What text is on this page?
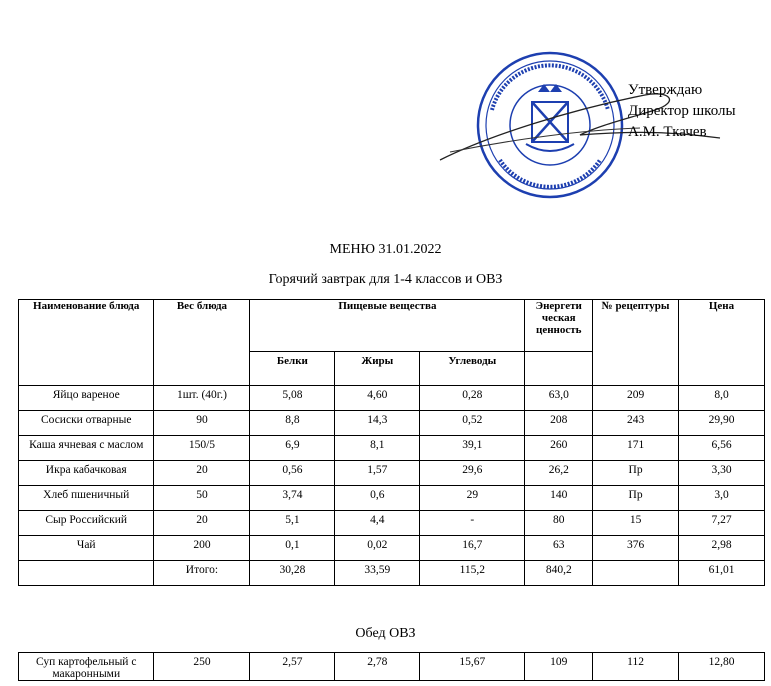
Утверждаю
Директор школы
А.М. Ткачев
МЕНЮ 31.01.2022
Горячий завтрак для 1-4 классов и ОВЗ
Наименование блюда	Вес блюда	Пищевые вещества			Энергети ческая ценность	№ рецептуры	Цена
		Белки	Жиры	Углеводы			
Яйцо вареное	1шт. (40г.)	5,08	4,60	0,28	63,0	209	8,0
Сосиски отварные	90	8,8	14,3	0,52	208	243	29,90
Каша ячневая с маслом	150/5	6,9	8,1	39,1	260	171	6,56
Икра кабачковая	20	0,56	1,57	29,6	26,2	Пр	3,30
Хлеб пшеничный	50	3,74	0,6	29	140	Пр	3,0
Сыр Российский	20	5,1	4,4	-	80	15	7,27
Чай	200	0,1	0,02	16,7	63	376	2,98
	Итого:	30,28	33,59	115,2	840,2		61,01
Обед ОВЗ
Суп картофельный с макаронными	250	2,57	2,78	15,67	109	112	12,80
